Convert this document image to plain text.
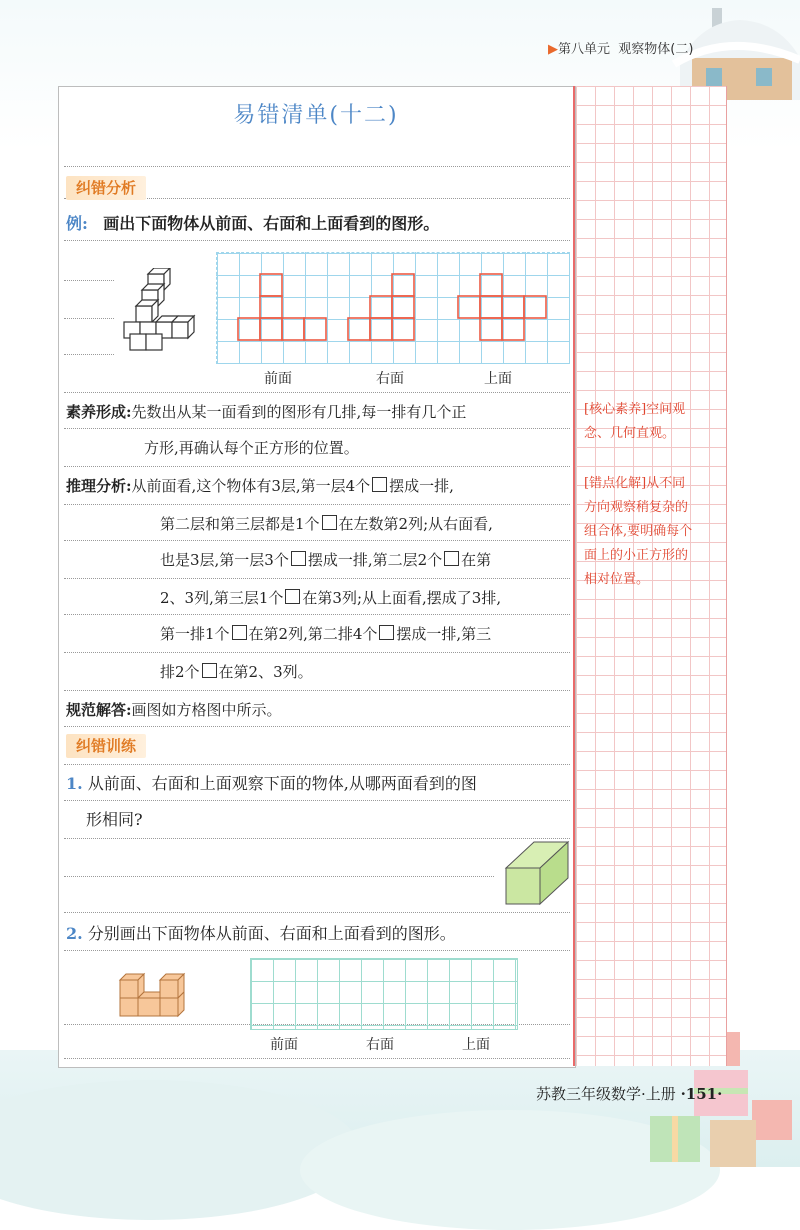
▶第八单元 观察物体(二)
易错清单(十二)
纠错分析
例: 画出下面物体从前面、右面和上面看到的图形。
前面	右面	上面
素养形成:先数出从某一面看到的图形有几排,每一排有几个正
方形,再确认每个正方形的位置。
推理分析:从前面看,这个物体有3层,第一层4个 摆成一排,
第二层和第三层都是1个 在左数第2列;从右面看,
也是3层,第一层3个 摆成一排,第二层2个 在第
2、3列,第三层1个 在第3列;从上面看,摆成了3排,
第一排1个 在第2列,第二排4个 摆成一排,第三
排2个 在第2、3列。
规范解答:画图如方格图中所示。
纠错训练
1. 从前面、右面和上面观察下面的物体,从哪两面看到的图
形相同?
2. 分别画出下面物体从前面、右面和上面看到的图形。
前面	右面	上面
[核心素养]空间观
念、几何直观。
[错点化解]从不同
方向观察稍复杂的
组合体,要明确每个
面上的小正方形的
相对位置。
苏教三年级数学·上册 ·151·
